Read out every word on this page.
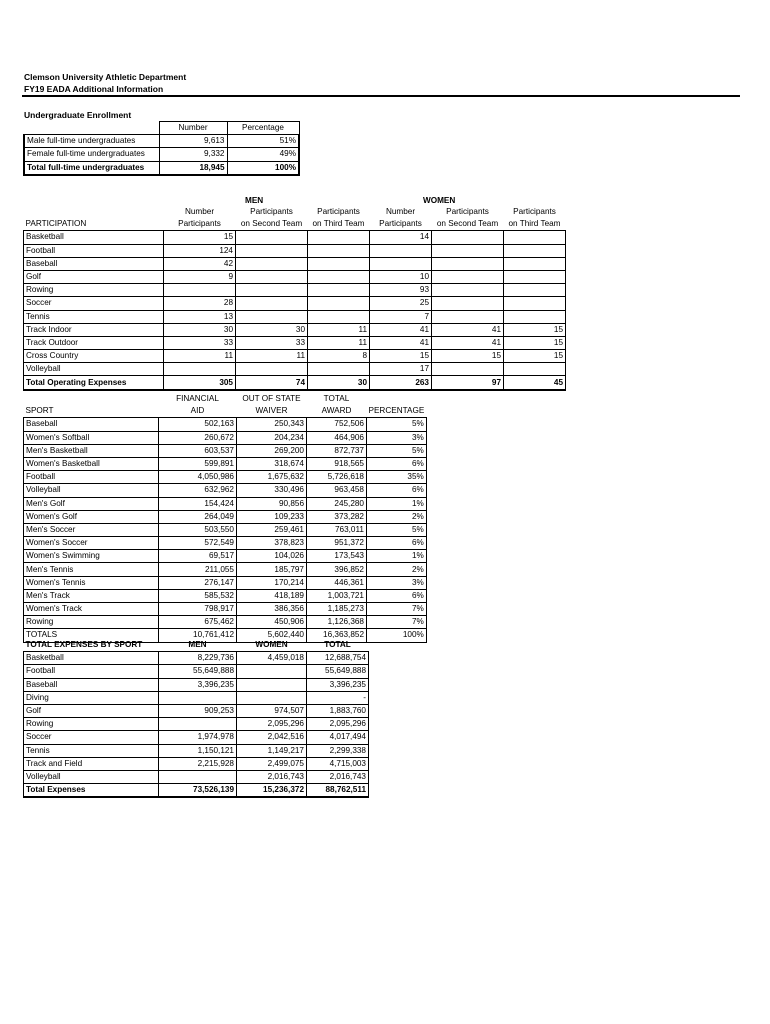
Clemson University Athletic Department
FY19 EADA Additional Information
Undergraduate Enrollment
	Number	Percentage
Male full-time undergraduates	9,613	51%
Female full-time undergraduates	9,332	49%
Total full-time undergraduates	18,945	100%
MEN	WOMEN
	Number	Participants	Participants	Number	Participants	Participants
PARTICIPATION	Participants	on Second Team	on Third Team	Participants	on Second Team	on Third Team
Basketball	15			14		
Football	124					
Baseball	42					
Golf	9			10		
Rowing				93		
Soccer	28			25		
Tennis	13			7		
Track Indoor	30	30	11	41	41	15
Track Outdoor	33	33	11	41	41	15
Cross Country	11	11	8	15	15	15
Volleyball				17		
Total Operating Expenses	305	74	30	263	97	45
	FINANCIAL	OUT OF STATE	TOTAL	
SPORT	AID	WAIVER	AWARD	PERCENTAGE
Baseball	502,163	250,343	752,506	5%
Women's Softball	260,672	204,234	464,906	3%
Men's Basketball	603,537	269,200	872,737	5%
Women's Basketball	599,891	318,674	918,565	6%
Football	4,050,986	1,675,632	5,726,618	35%
Volleyball	632,962	330,496	963,458	6%
Men's Golf	154,424	90,856	245,280	1%
Women's Golf	264,049	109,233	373,282	2%
Men's Soccer	503,550	259,461	763,011	5%
Women's Soccer	572,549	378,823	951,372	6%
Women's Swimming	69,517	104,026	173,543	1%
Men's Tennis	211,055	185,797	396,852	2%
Women's Tennis	276,147	170,214	446,361	3%
Men's Track	585,532	418,189	1,003,721	6%
Women's Track	798,917	386,356	1,185,273	7%
Rowing	675,462	450,906	1,126,368	7%
TOTALS	10,761,412	5,602,440	16,363,852	100%
TOTAL EXPENSES BY SPORT	MEN	WOMEN	TOTAL
Basketball	8,229,736	4,459,018	12,688,754
Football	55,649,888		55,649,888
Baseball	3,396,235		3,396,235
Diving			-
Golf	909,253	974,507	1,883,760
Rowing		2,095,296	2,095,296
Soccer	1,974,978	2,042,516	4,017,494
Tennis	1,150,121	1,149,217	2,299,338
Track and Field	2,215,928	2,499,075	4,715,003
Volleyball		2,016,743	2,016,743
Total Expenses	73,526,139	15,236,372	88,762,511
